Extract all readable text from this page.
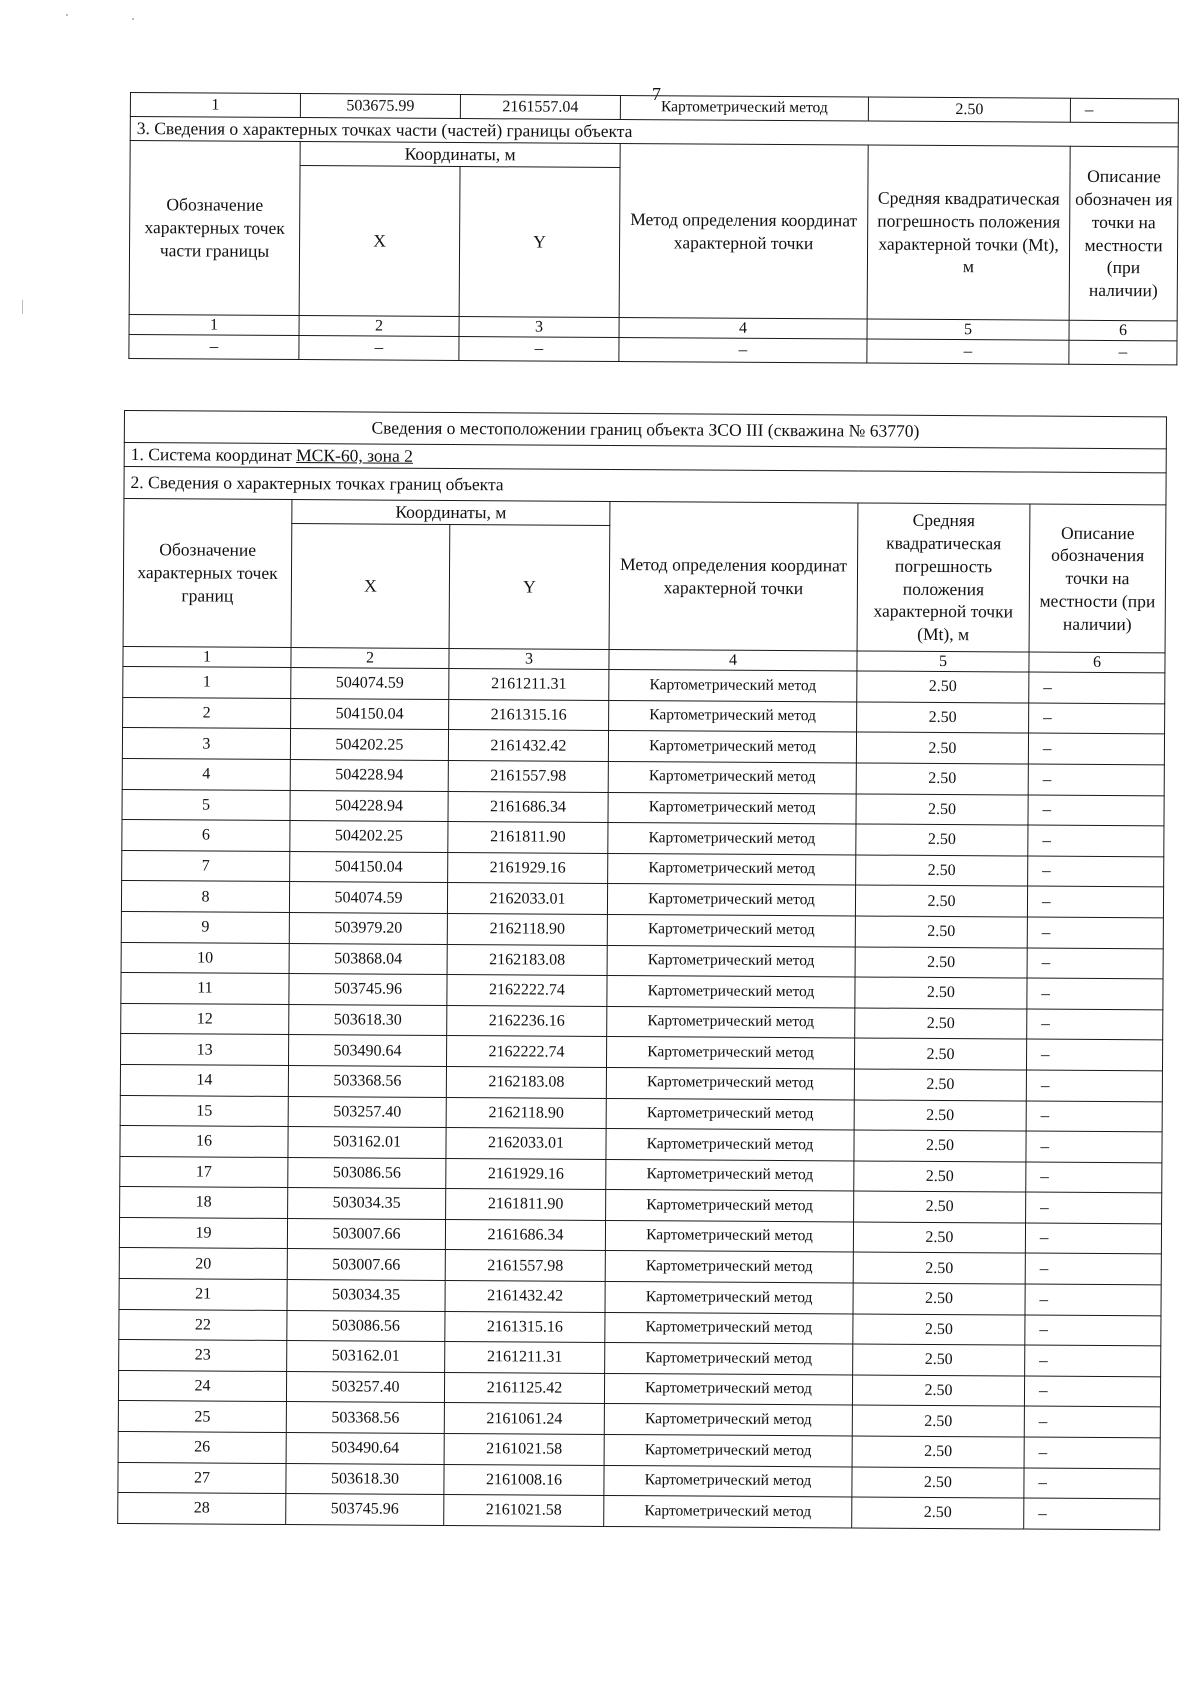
7
1	503675.99	2161557.04	Картометрический метод	2.50	–
3. Сведения о характерных точках части (частей) границы объекта					
Обозначение характерных точек части границы	Координаты, м		Метод определения координат характерной точки	Средняя квадратическая погрешность положения характерной точки (Mt), м	Описание обозначен ия точки на местности (при наличии)
	X	Y			
1	2	3	4	5	6
–	–	–	–	–	–
Сведения о местоположении границ объекта ЗСО III (скважина № 63770)					
1. Система координат МСК-60, зона 2					
2. Сведения о характерных точках границ объекта					
Обозначение характерных точек границ	Координаты, м		Метод определения координат характерной точки	Средняя квадратическая погрешность положения характерной точки (Mt), м	Описание обозначения точки на местности (при наличии)
	X	Y			
1	2	3	4	5	6
1	504074.59	2161211.31	Картометрический метод	2.50	–
2	504150.04	2161315.16	Картометрический метод	2.50	–
3	504202.25	2161432.42	Картометрический метод	2.50	–
4	504228.94	2161557.98	Картометрический метод	2.50	–
5	504228.94	2161686.34	Картометрический метод	2.50	–
6	504202.25	2161811.90	Картометрический метод	2.50	–
7	504150.04	2161929.16	Картометрический метод	2.50	–
8	504074.59	2162033.01	Картометрический метод	2.50	–
9	503979.20	2162118.90	Картометрический метод	2.50	–
10	503868.04	2162183.08	Картометрический метод	2.50	–
11	503745.96	2162222.74	Картометрический метод	2.50	–
12	503618.30	2162236.16	Картометрический метод	2.50	–
13	503490.64	2162222.74	Картометрический метод	2.50	–
14	503368.56	2162183.08	Картометрический метод	2.50	–
15	503257.40	2162118.90	Картометрический метод	2.50	–
16	503162.01	2162033.01	Картометрический метод	2.50	–
17	503086.56	2161929.16	Картометрический метод	2.50	–
18	503034.35	2161811.90	Картометрический метод	2.50	–
19	503007.66	2161686.34	Картометрический метод	2.50	–
20	503007.66	2161557.98	Картометрический метод	2.50	–
21	503034.35	2161432.42	Картометрический метод	2.50	–
22	503086.56	2161315.16	Картометрический метод	2.50	–
23	503162.01	2161211.31	Картометрический метод	2.50	–
24	503257.40	2161125.42	Картометрический метод	2.50	–
25	503368.56	2161061.24	Картометрический метод	2.50	–
26	503490.64	2161021.58	Картометрический метод	2.50	–
27	503618.30	2161008.16	Картометрический метод	2.50	–
28	503745.96	2161021.58	Картометрический метод	2.50	–
